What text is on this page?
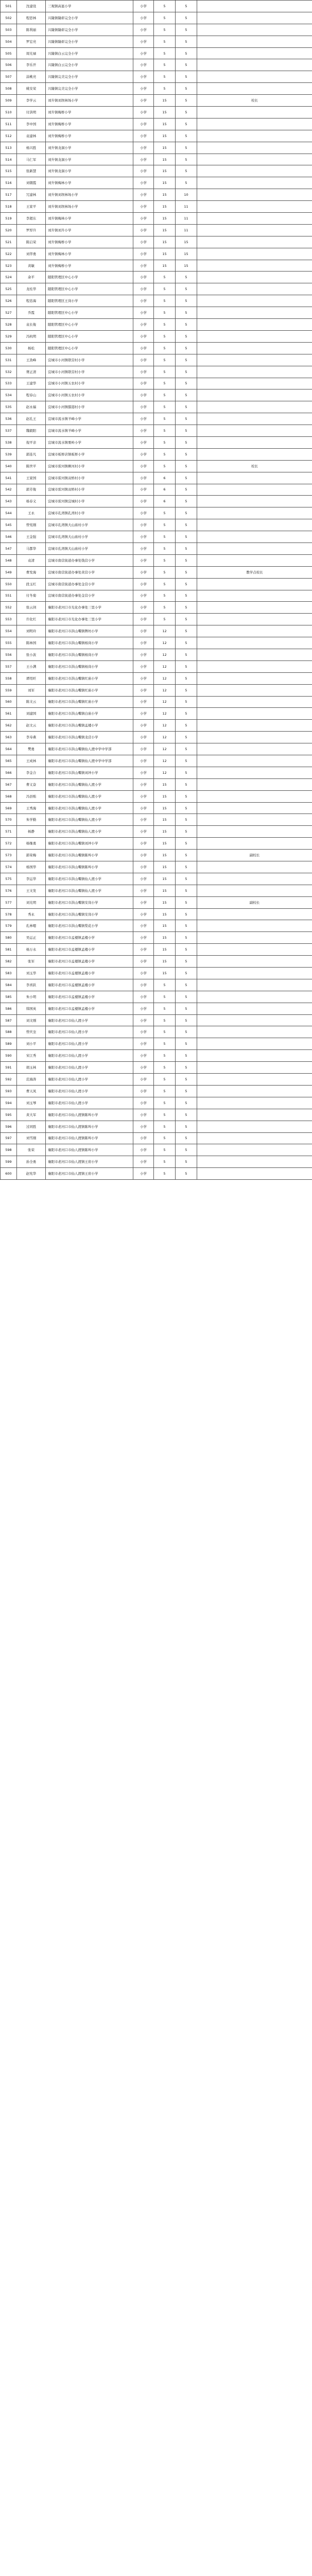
501	沈建设	三观镇高显小学	小学	5	5	
502	程思林	兴隆镇隆彰完全小学	小学	5	5	
503	陈利丽	兴隆镇隆彰完全小学	小学	5	5	
504	罗宏亮	兴隆镇隆彰完全小学	小学	5	5	
505	周光禄	兴隆镇白云完全小学	小学	5	5	
506	李乐开	兴隆镇白云完全小学	小学	5	5	
507	涂桃亮	兴隆镇完美完全小学	小学	5	5	
508	姚安荣	兴隆镇完美完全小学	小学	5	5	
509	李学云	刘升镇刘坝林场小学	小学	15	5	校长
510	付洪明	刘升镇梅桥小学	小学	15	5	
511	李中国	刘升镇梅桥小学	小学	15	5	
512	袁建林	刘升镇梅桥小学	小学	15	5	
513	杨兴胜	刘升镇龙洞小学	小学	15	5	
514	马仁军	刘升镇龙洞小学	小学	15	5	
515	张新慧	刘升镇龙洞小学	小学	15	5	
516	刘朝霞	刘升镇梅林小学	小学	15	5	
517	冗建林	刘升镇刘坝林场小学	小学	15	10	
518	王家平	刘升镇刘坝林场小学	小学	15	11	
519	李超东	刘升镇梅林小学	小学	15	11	
520	罗厚升	刘升镇刘升小学	小学	15	11	
521	陈启荣	刘升镇梅桥小学	小学	15	15	
522	刘华勇	刘升镇梅林小学	小学	15	15	
523	黄敏	刘升镇梅桥小学	小学	15	15	
524	余平	随阳管理区中心小学	小学	5	5	
525	龙桂华	随阳管理区中心小学	小学	5	5	
526	程忠海	随阳管理区王岗小学	小学	5	5	
527	乔霞	随阳管理区中心小学	小学	5	5	
528	袁长俊	随阳管理区中心小学	小学	5	5	
529	冯杭明	随阳管理区中心小学	小学	5	5	
530	杨松	随阳管理区中心小学	小学	5	5	
531	王劲峰	宜城市小河镇联营村小学	小学	5	5	
532	胥正清	宜城市小河镇联营村小学	小学	5	5	
533	王建华	宜城市小河镇五农村小学	小学	5	5	
534	程春山	宜城市小河镇五农村小学	小学	5	5	
535	赵永福	宜城市小河镇腊港村小学	小学	5	5	
536	赵孔王	宜城市流水镇羊峰小学	小学	5	5	
537	魏毅阳	宜城市流水镇羊峰小学	小学	5	5	
538	倪平亲	宜城市流水镇栗岭小学	小学	5	5	
539	郭连凡	宜城市板桥店镇板桥小学	小学	5	5	
540	陈世平	宜城市雷河镇柳河村小学	小学	5	5	校长
541	王家国	宜城市雷河镇双桥村小学	小学	6	5	
542	郭芳俊	宜城市雷河镇双桥村小学	小学	6	5	
543	杨春义	宜城市雷河镇宜城村小学	小学	6	5	
544	王永	宜城市孔湾镇孔湾村小学	小学	5	5	
545	曾宪刚	宜城市孔湾镇大山庙村小学	小学	5	5	
546	王金强	宜城市孔湾镇大山庙村小学	小学	5	5	
547	马都华	宜城市孔湾镇大山庙村小学	小学	5	5	
548	袁清	宜城市南营街道办事处钱营小学	小学	5	5	
549	曹发海	宜城市南营街道办事处黄营小学	小学	5	5	教学点校长
550	段玉红	宜城市南营街道办事处金营小学	小学	5	5	
551	付冬菊	宜城市南营街道办事处金营小学	小学	5	5	
552	张云剑	襄阳市老河口市光化办事处三里小学	小学	5	5	
553	许化红	襄阳市老河口市光化办事处三里小学	小学	5	5	
554	刘明玲	襄阳市老河口市洪山嘴镇牌坊小学	小学	12	5	
555	陈林国	襄阳市老河口市洪山嘴镇杨岗小学	小学	12	5	
556	张小波	襄阳市老河口市洪山嘴镇杨岗小学	小学	12	5	
557	王小满	襄阳市老河口市洪山嘴镇杨岗小学	小学	12	5	
558	谭用旺	襄阳市老河口市洪山嘴镇红庙小学	小学	12	5	
559	刘军	襄阳市老河口市洪山嘴镇红庙小学	小学	12	5	
560	陈文云	襄阳市老河口市洪山嘴镇红庙小学	小学	12	5	
561	刘建国	襄阳市老河口市洪山嘴镇白庙小学	小学	12	5	
562	赵文云	襄阳市老河口市洪山嘴镇孟楼小学	小学	12	5	
563	李寿燕	襄阳市老河口市洪山嘴镇龙营小学	小学	12	5	
564	樊勇	襄阳市老河口市洪山嘴镇仙人渡中学中学部	小学	12	5	
565	王成林	襄阳市老河口市洪山嘴镇仙人渡中学中学部	小学	12	5	
566	李金合	襄阳市老河口市洪山嘴镇刘冲小学	小学	12	5	
567	曹义奋	襄阳市老河口市洪山嘴镇仙人渡小学	小学	15	5	
568	冯县贻	襄阳市老河口市洪山嘴镇仙人渡小学	小学	15	5	
569	王秀海	襄阳市老河口市洪山嘴镇仙人渡小学	小学	15	5	
570	朱学勤	襄阳市老河口市洪山嘴镇仙人渡小学	小学	15	5	
571	杨静	襄阳市老河口市洪山嘴镇仙人渡小学	小学	15	5	
572	杨继勇	襄阳市老河口市洪山嘴镇刘冲小学	小学	15	5	
573	郭荣梅	襄阳市老河口市洪山嘴镇陈埠小学	小学	15	5	副校长
574	杨国华	襄阳市老河口市洪山嘴镇陈埠小学	小学	15	5	
575	李运华	襄阳市老河口市洪山嘴镇仙人渡小学	小学	15	5	
576	王文发	襄阳市老河口市洪山嘴镇仙人渡小学	小学	15	5	
577	刘光明	襄阳市老河口市洪山嘴镇安岗小学	小学	15	5	副校长
578	秀永	襄阳市老河口市洪山嘴镇安岗小学	小学	15	5	
579	孔林嗯	襄阳市老河口市洪山嘴镇梨花小学	小学	15	5	
580	吴运正	襄阳市老河口市孟楼镇孟楼小学	小学	15	5	
581	杨万永	襄阳市老河口市孟楼镇孟楼小学	小学	15	5	
582	张军	襄阳市老河口市孟楼镇孟楼小学	小学	15	5	
583	刘玉华	襄阳市老河口市孟楼镇孟楼小学	小学	15	5	
584	李喜跃	襄阳市老河口市孟楼镇孟楼小学	小学	5	5	
585	朱小明	襄阳市老河口市孟楼镇孟楼小学	小学	5	5	
586	韩国英	襄阳市老河口市孟楼镇孟楼小学	小学	5	5	
587	刘文刚	襄阳市老河口市仙人渡小学	小学	5	5	
588	曾庆奎	襄阳市老河口市仙人渡小学	小学	5	5	
589	刘小平	襄阳市老河口市仙人渡小学	小学	5	5	
590	宋江秀	襄阳市老河口市仙人渡小学	小学	5	5	
591	胡玉林	襄阳市老河口市仙人渡小学	小学	5	5	
592	范海涛	襄阳市老河口市仙人渡小学	小学	5	5	
593	曹天凤	襄阳市老河口市仙人渡小学	小学	5	5	
594	刘玉琴	襄阳市老河口市仙人渡小学	小学	5	5	
595	黄大军	襄阳市老河口市仙人渡镇陈埠小学	小学	5	5	
596	过同胜	襄阳市老河口市仙人渡镇陈埠小学	小学	5	5	
597	刘雪刚	襄阳市老河口市仙人渡镇陈埠小学	小学	5	5	
598	张荣	襄阳市老河口市仙人渡镇陈埠小学	小学	5	5	
599	孙全勇	襄阳市老河口市仙人渡镇王府小学	小学	5	5	
600	赵宪华	襄阳市老河口市仙人渡镇王府小学	小学	5	5	
